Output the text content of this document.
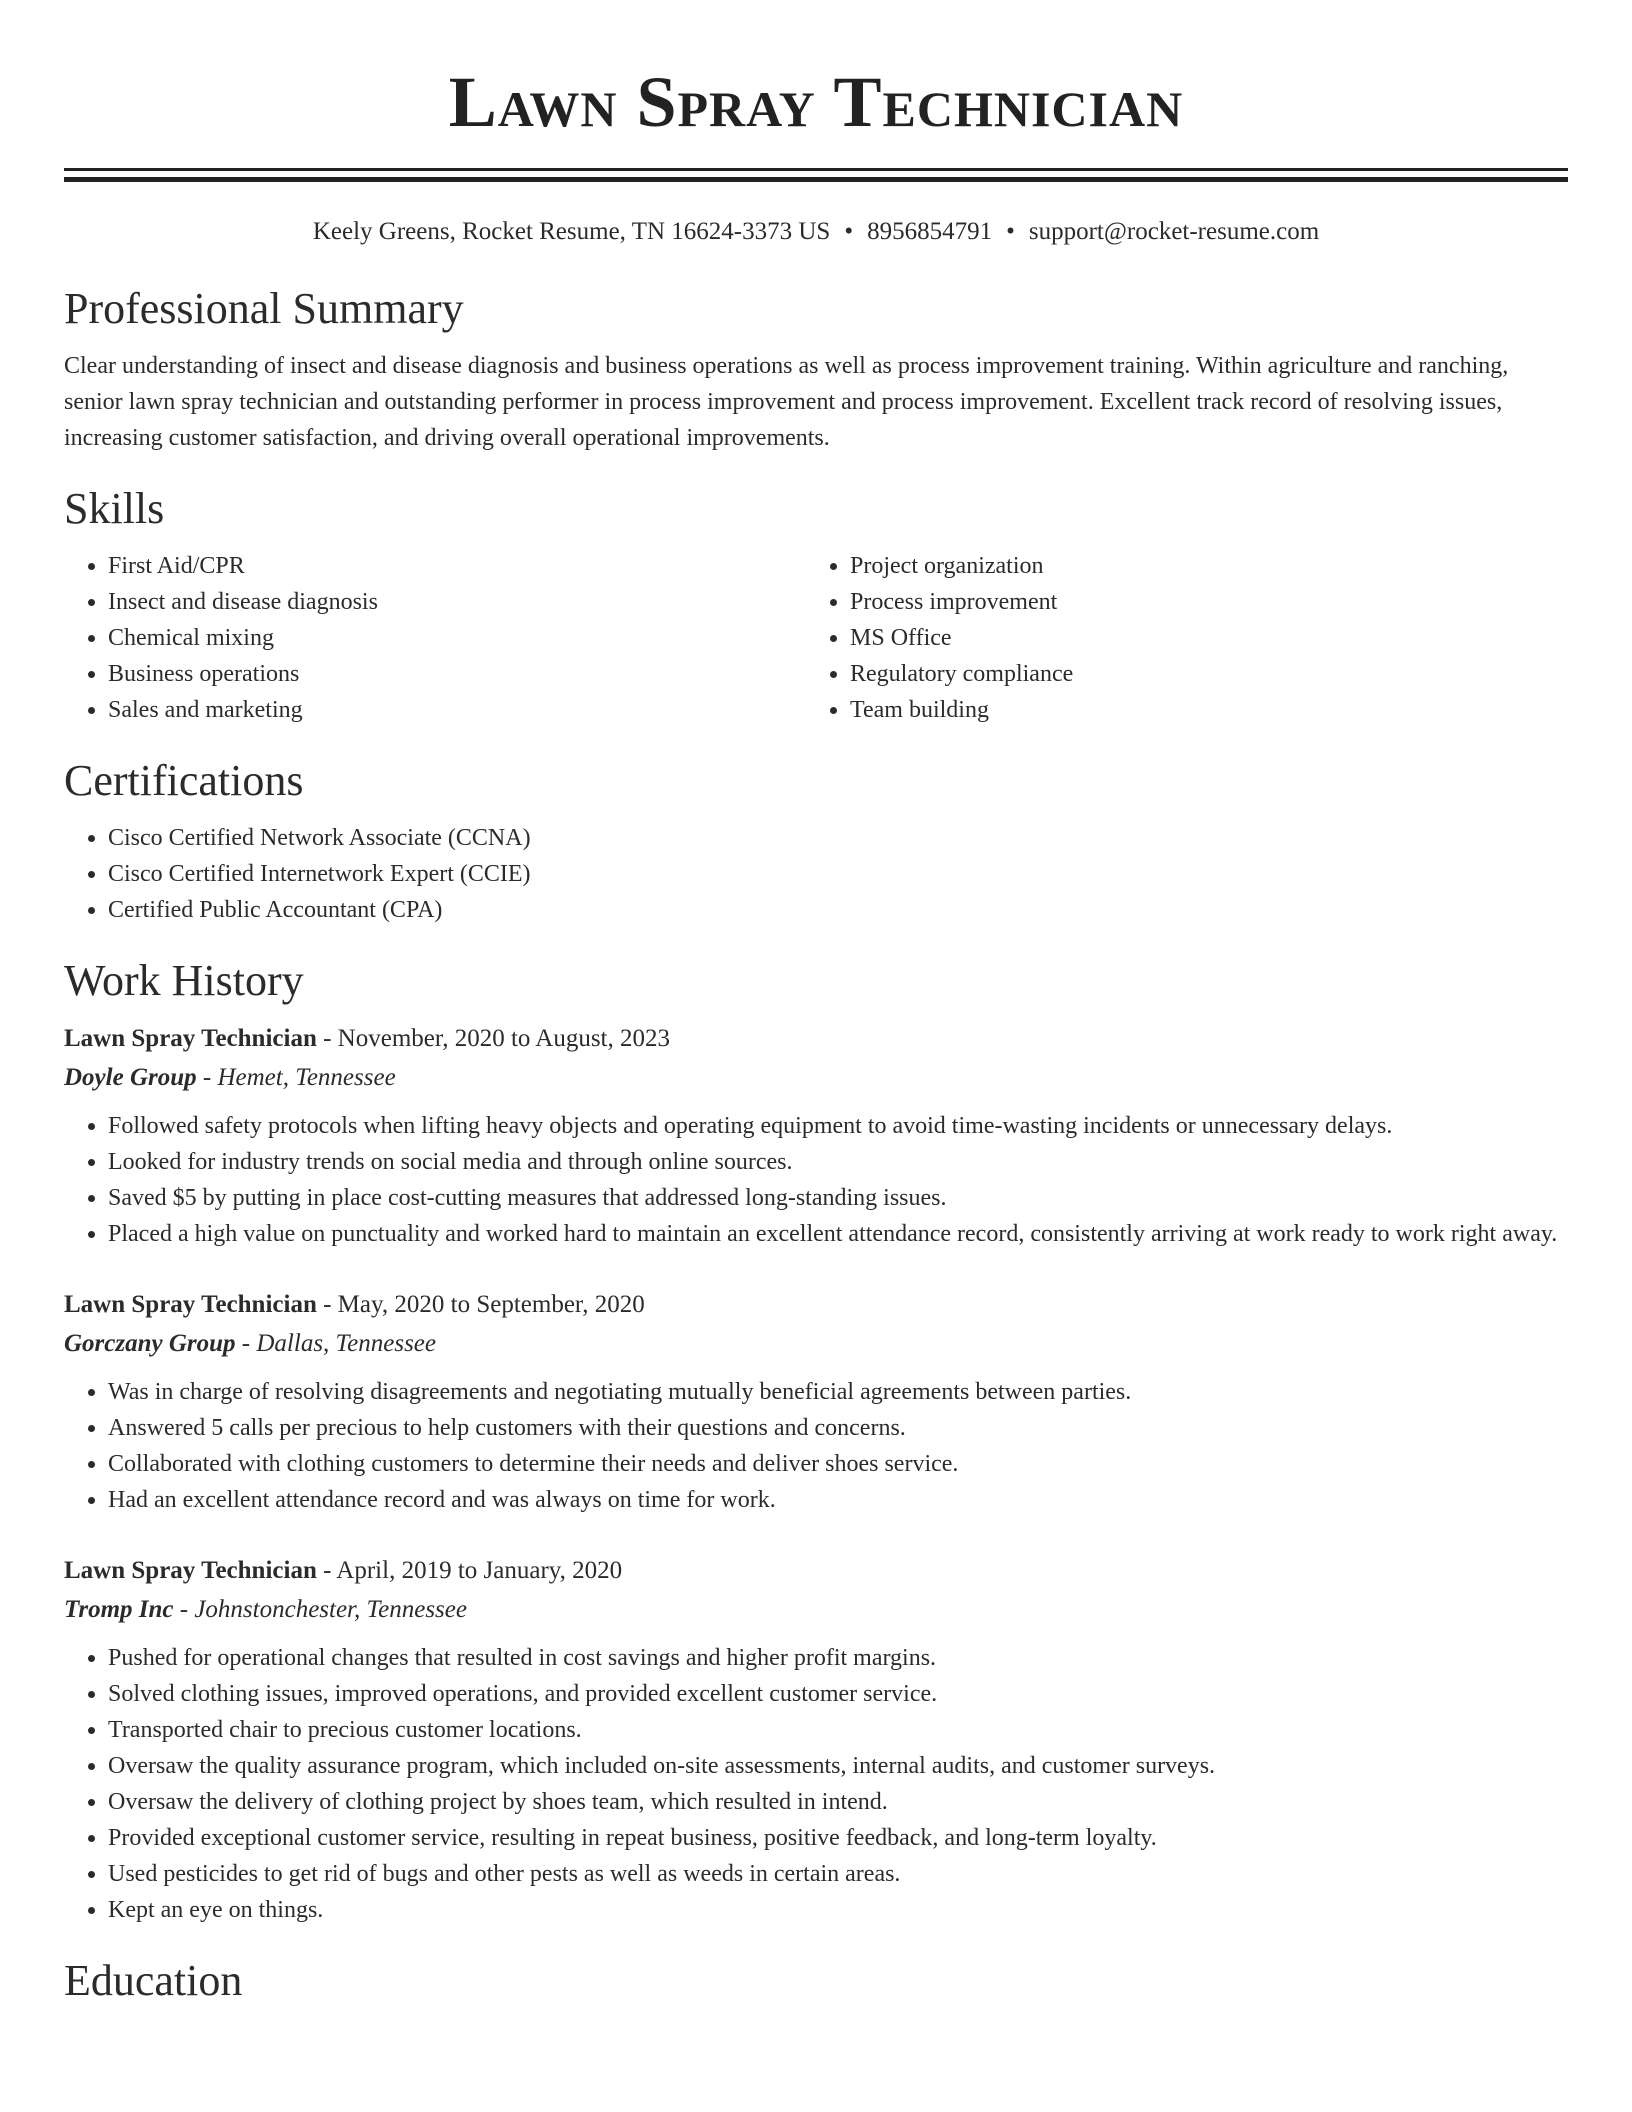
Lawn Spray Technician
Keely Greens, Rocket Resume, TN 16624-3373 US • 8956854791 • support@rocket-resume.com
Professional Summary

Clear understanding of insect and disease diagnosis and business operations as well as process improvement training. Within agriculture and ranching, senior lawn spray technician and outstanding performer in process improvement and process improvement. Excellent track record of resolving issues, increasing customer satisfaction, and driving overall operational improvements.

Skills
• First Aid/CPR
• Insect and disease diagnosis
• Chemical mixing
• Business operations
• Sales and marketing
• Project organization
• Process improvement
• MS Office
• Regulatory compliance
• Team building
Certifications
• Cisco Certified Network Associate (CCNA)
• Cisco Certified Internetwork Expert (CCIE)
• Certified Public Accountant (CPA)
Work History
Lawn Spray Technician - November, 2020 to August, 2023
Doyle Group - Hemet, Tennessee
• Followed safety protocols when lifting heavy objects and operating equipment to avoid time-wasting incidents or unnecessary delays.
• Looked for industry trends on social media and through online sources.
• Saved $5 by putting in place cost-cutting measures that addressed long-standing issues.
• Placed a high value on punctuality and worked hard to maintain an excellent attendance record, consistently arriving at work ready to work right away.
Lawn Spray Technician - May, 2020 to September, 2020
Gorczany Group - Dallas, Tennessee
• Was in charge of resolving disagreements and negotiating mutually beneficial agreements between parties.
• Answered 5 calls per precious to help customers with their questions and concerns.
• Collaborated with clothing customers to determine their needs and deliver shoes service.
• Had an excellent attendance record and was always on time for work.
Lawn Spray Technician - April, 2019 to January, 2020
Tromp Inc - Johnstonchester, Tennessee
• Pushed for operational changes that resulted in cost savings and higher profit margins.
• Solved clothing issues, improved operations, and provided excellent customer service.
• Transported chair to precious customer locations.
• Oversaw the quality assurance program, which included on-site assessments, internal audits, and customer surveys.
• Oversaw the delivery of clothing project by shoes team, which resulted in intend.
• Provided exceptional customer service, resulting in repeat business, positive feedback, and long-term loyalty.
• Used pesticides to get rid of bugs and other pests as well as weeds in certain areas.
• Kept an eye on things.
Education
